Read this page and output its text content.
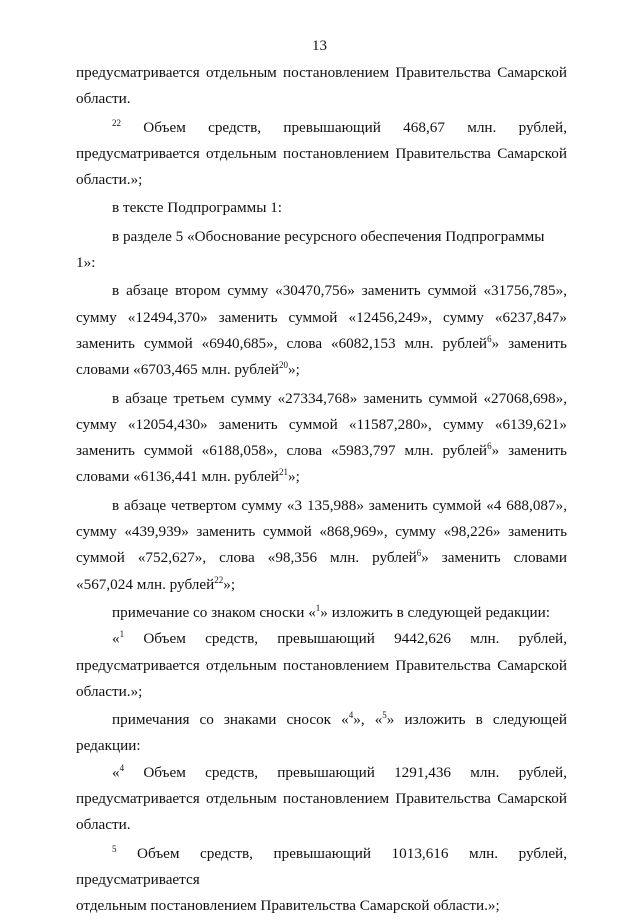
13

предусматривается отдельным постановлением Правительства Самарской

области.

$^{22}$ Объем средств, превышающий 468,67 млн. рублей,

предусматривается отдельным постановлением Правительства Самарской

области.»;

в тексте Подпрограммы 1:

в разделе 5 «Обоснование ресурсного обеспечения Подпрограммы 1»:

в абзаце втором сумму «30470,756» заменить суммой «31756,785»,

сумму «12494,370» заменить суммой «12456,249», сумму «6237,847»

заменить суммой «6940,685», слова «6082,153 млн. рублей$^6$» заменить

словами «6703,465 млн. рублей$^{20}$»;

в абзаце третьем сумму «27334,768» заменить суммой «27068,698»,

сумму «12054,430» заменить суммой «11587,280», сумму «6139,621»

заменить суммой «6188,058», слова «5983,797 млн. рублей$^6$» заменить

словами «6136,441 млн. рублей$^{21}$»;

в абзаце четвертом сумму «3 135,988» заменить суммой «4 688,087»,

сумму «439,939» заменить суммой «868,969», сумму «98,226» заменить

суммой «752,627», слова «98,356 млн. рублей$^6$» заменить словами

«567,024 млн. рублей$^{22}$»;

примечание со знаком сноски «$^1$» изложить в следующей редакции:

«$^1$ Объем средств, превышающий 9442,626 млн. рублей,

предусматривается отдельным постановлением Правительства Самарской

области.»;

примечания со знаками сносок «$^4$», «$^5$» изложить в следующей

редакции:

«$^4$ Объем средств, превышающий 1291,436 млн. рублей,

предусматривается отдельным постановлением Правительства Самарской

области.

$^5$ Объем средств, превышающий 1013,616 млн. рублей, предусматривается

отдельным постановлением Правительства Самарской области.»;
